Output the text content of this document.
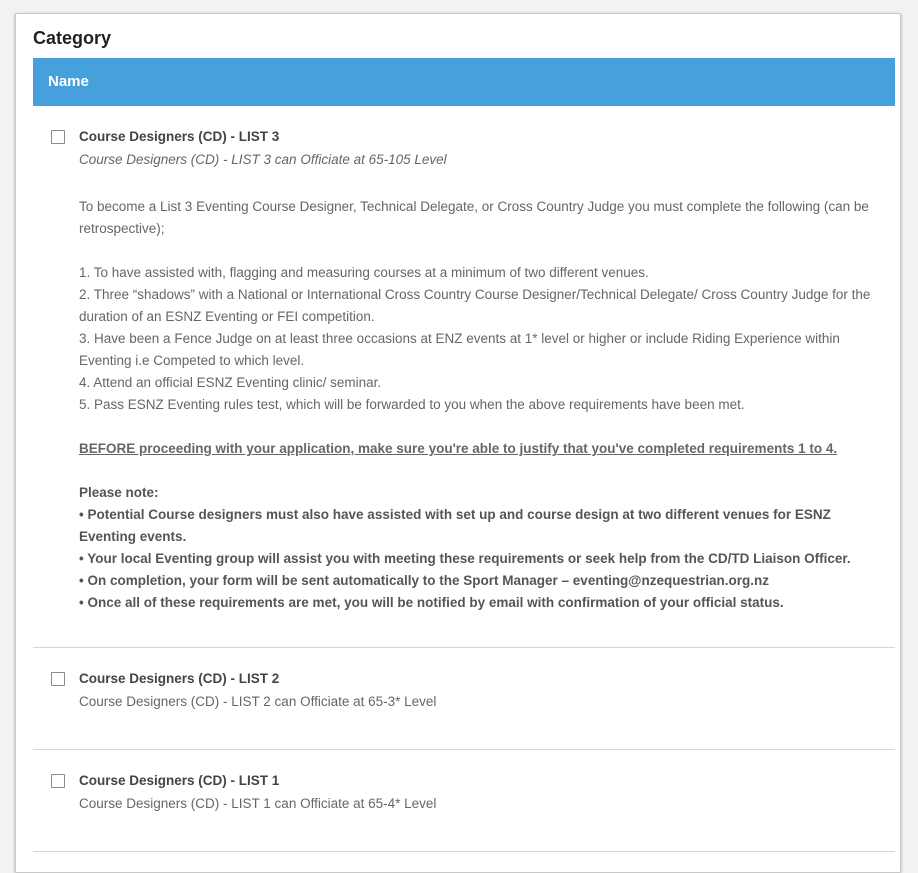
Category
Name
Course Designers (CD) - LIST 3
Course Designers (CD) - LIST 3 can Officiate at 65-105 Level

To become a List 3 Eventing Course Designer, Technical Delegate, or Cross Country Judge you must complete the following (can be retrospective);

1. To have assisted with, flagging and measuring courses at a minimum of two different venues.

2. Three “shadows” with a National or International Cross Country Course Designer/Technical Delegate/ Cross Country Judge for the duration of an ESNZ Eventing or FEI competition.

3. Have been a Fence Judge on at least three occasions at ENZ events at 1* level or higher or include Riding Experience within Eventing i.e Competed to which level.

4. Attend an official ESNZ Eventing clinic/ seminar.

5. Pass ESNZ Eventing rules test, which will be forwarded to you when the above requirements have been met.

BEFORE proceeding with your application, make sure you're able to justify that you've completed requirements 1 to 4.

Please note:

• Potential Course designers must also have assisted with set up and course design at two different venues for ESNZ Eventing events.

• Your local Eventing group will assist you with meeting these requirements or seek help from the CD/TD Liaison Officer.

• On completion, your form will be sent automatically to the Sport Manager – eventing@nzequestrian.org.nz

• Once all of these requirements are met, you will be notified by email with confirmation of your official status.

Course Designers (CD) - LIST 2
Course Designers (CD) - LIST 2 can Officiate at 65-3* Level
Course Designers (CD) - LIST 1
Course Designers (CD) - LIST 1 can Officiate at 65-4* Level
